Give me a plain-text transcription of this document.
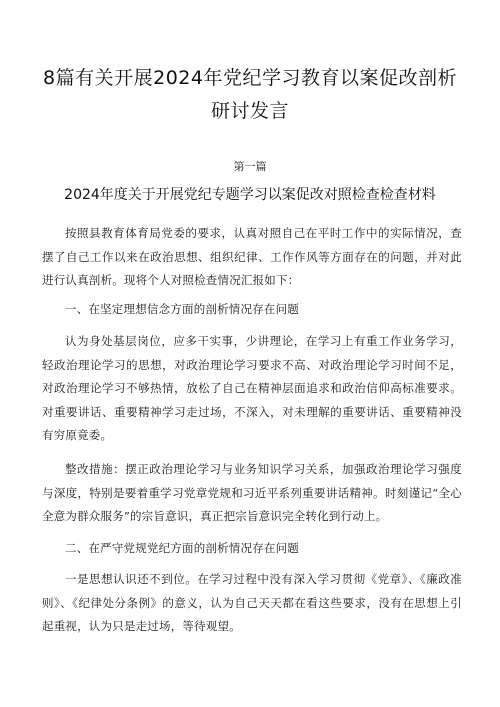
8篇有关开展2024年党纪学习教育以案促改剖析研讨发言
第一篇
2024年度关于开展党纪专题学习以案促改对照检查检查材料

按照县教育体育局党委的要求，认真对照自己在平时工作中的实际情况，查摆了自己工作以来在政治思想、组织纪律、工作作风等方面存在的问题，并对此进行认真剖析。现将个人对照检查情况汇报如下：

一、在坚定理想信念方面的剖析情况存在问题

认为身处基层岗位，应多干实事，少讲理论，在学习上有重工作业务学习，轻政治理论学习的思想，对政治理论学习要求不高、对政治理论学习时间不足，对政治理论学习不够热情，放松了自己在精神层面追求和政治信仰高标准要求。对重要讲话、重要精神学习走过场，不深入，对未理解的重要讲话、重要精神没有穷原竟委。

整改措施：摆正政治理论学习与业务知识学习关系，加强政治理论学习强度与深度，特别是要着重学习党章党规和习近平系列重要讲话精神。时刻谨记“全心全意为群众服务”的宗旨意识，真正把宗旨意识完全转化到行动上。

二、在严守党规党纪方面的剖析情况存在问题

一是思想认识还不到位。在学习过程中没有深入学习贯彻《党章》、《廉政准则》、《纪律处分条例》的意义，认为自己天天都在看这些要求，没有在思想上引起重视，认为只是走过场，等待观望。
